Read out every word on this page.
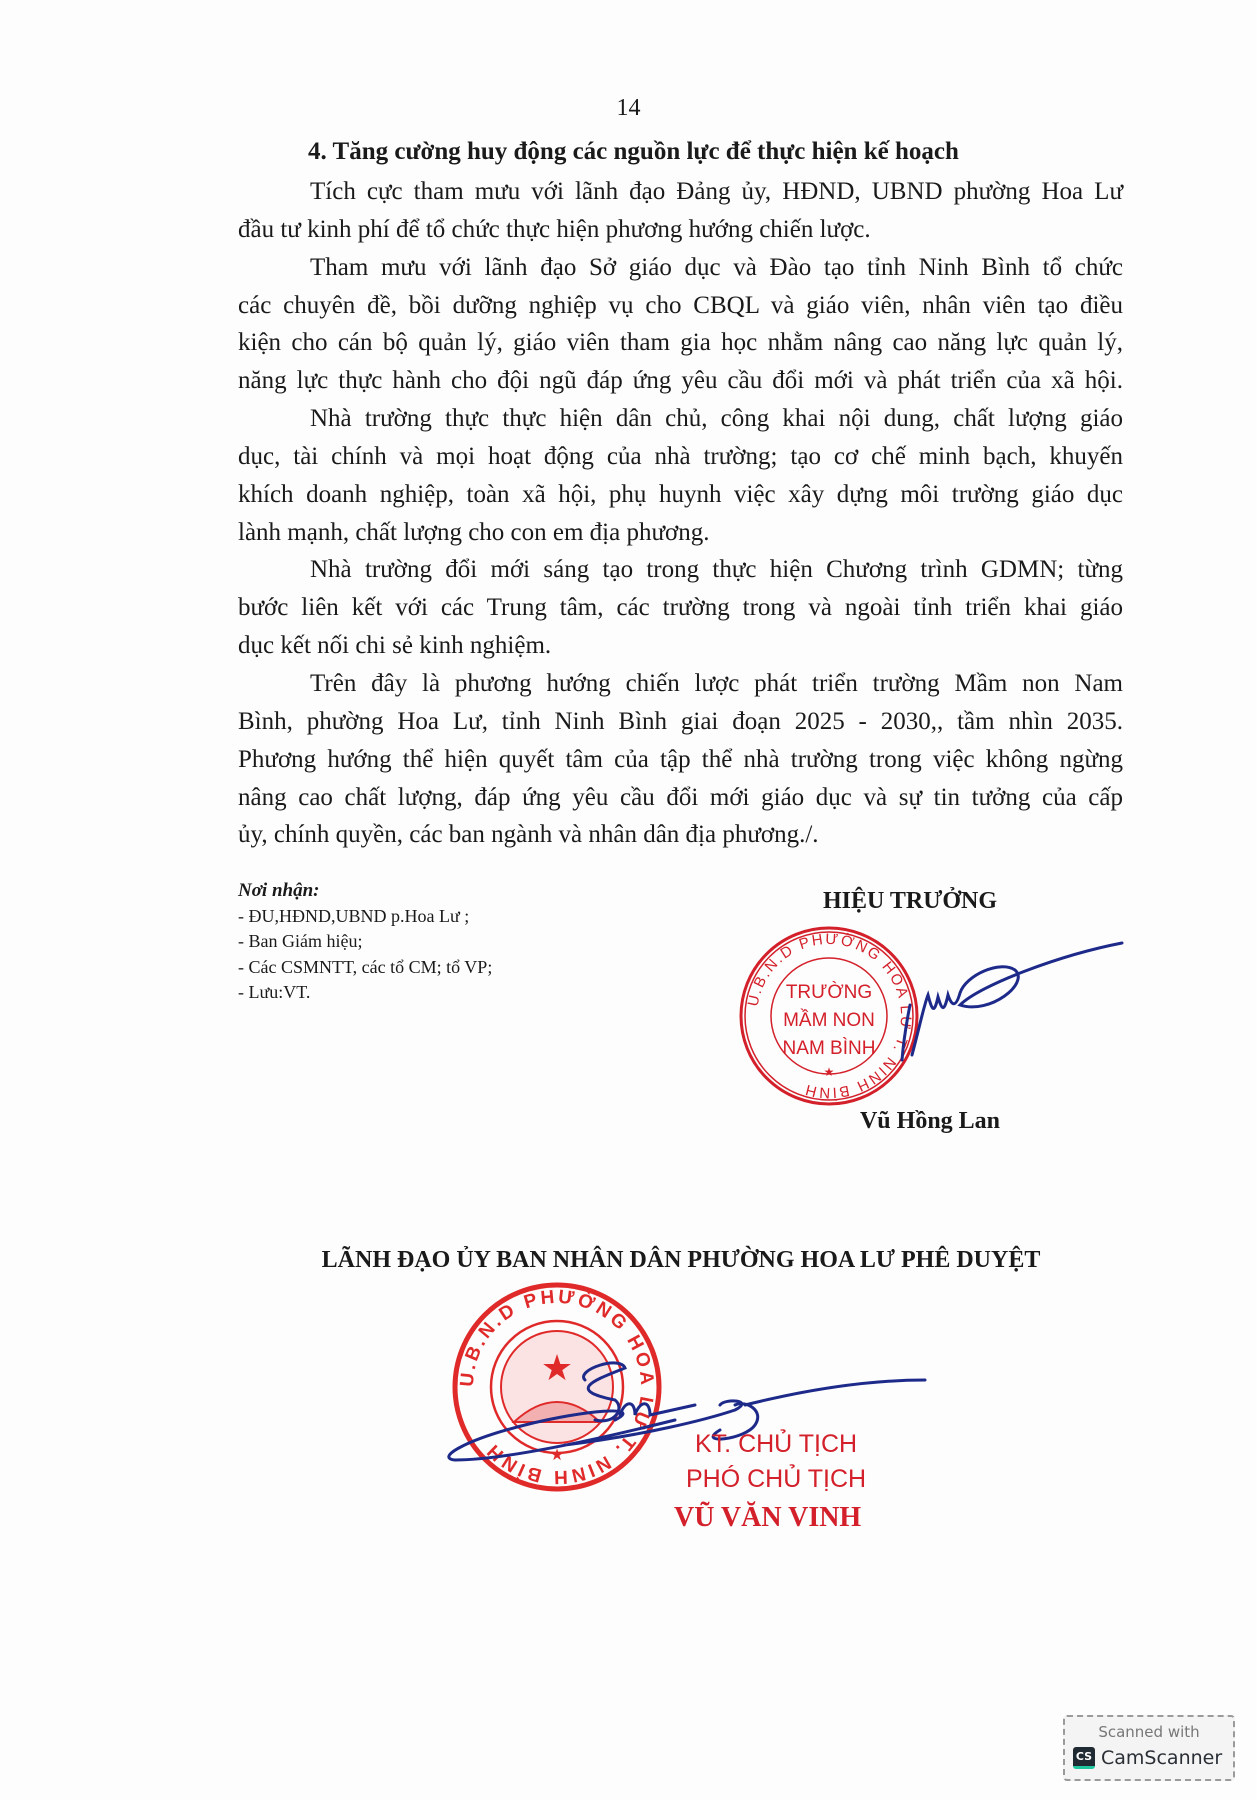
14
4. Tăng cường huy động các nguồn lực để thực hiện kế hoạch
Tích cực tham mưu với lãnh đạo Đảng ủy, HĐND, UBND phường Hoa Lư
đầu tư kinh phí để tổ chức thực hiện phương hướng chiến lược.
Tham mưu với lãnh đạo Sở giáo dục và Đào tạo tỉnh Ninh Bình tổ chức
các chuyên đề, bồi dưỡng nghiệp vụ cho CBQL và giáo viên, nhân viên tạo điều
kiện cho cán bộ quản lý, giáo viên tham gia học nhằm nâng cao năng lực quản lý,
năng lực thực hành cho đội ngũ đáp ứng yêu cầu đổi mới và phát triển của xã hội.
Nhà trường thực thực hiện dân chủ, công khai nội dung, chất lượng giáo
dục, tài chính và mọi hoạt động của nhà trường; tạo cơ chế minh bạch, khuyến
khích doanh nghiệp, toàn xã hội, phụ huynh việc xây dựng môi trường giáo dục
lành mạnh, chất lượng cho con em địa phương.
Nhà trường đổi mới sáng tạo trong thực hiện Chương trình GDMN; từng
bước liên kết với các Trung tâm, các trường trong và ngoài tỉnh triển khai giáo
dục kết nối chi sẻ kinh nghiệm.
Trên đây là phương hướng chiến lược phát triển trường Mầm non Nam
Bình, phường Hoa Lư, tỉnh Ninh Bình giai đoạn 2025 - 2030,, tầm nhìn 2035.
Phương hướng thể hiện quyết tâm của tập thể nhà trường trong việc không ngừng
nâng cao chất lượng, đáp ứng yêu cầu đổi mới giáo dục và sự tin tưởng của cấp
ủy, chính quyền, các ban ngành và nhân dân địa phương./.
Nơi nhận:
- ĐU,HĐND,UBND p.Hoa Lư ;
- Ban Giám hiệu;
- Các CSMNTT, các tổ CM; tổ VP;
- Lưu:VT.
HIỆU TRƯỞNG
U.B.N.D PHƯỜNG HOA LƯ T. NINH BÌNH
★
TRƯỜNG
MẦM NON
NAM BÌNH
Vũ Hồng Lan
LÃNH ĐẠO ỦY BAN NHÂN DÂN PHƯỜNG HOA LƯ PHÊ DUYỆT
U.B.N.D PHƯỜNG HOA LƯ T. NINH BÌNH	★
★
KT. CHỦ TỊCH
PHÓ CHỦ TỊCH
VŨ VĂN VINH
Scanned with
CS CamScanner
